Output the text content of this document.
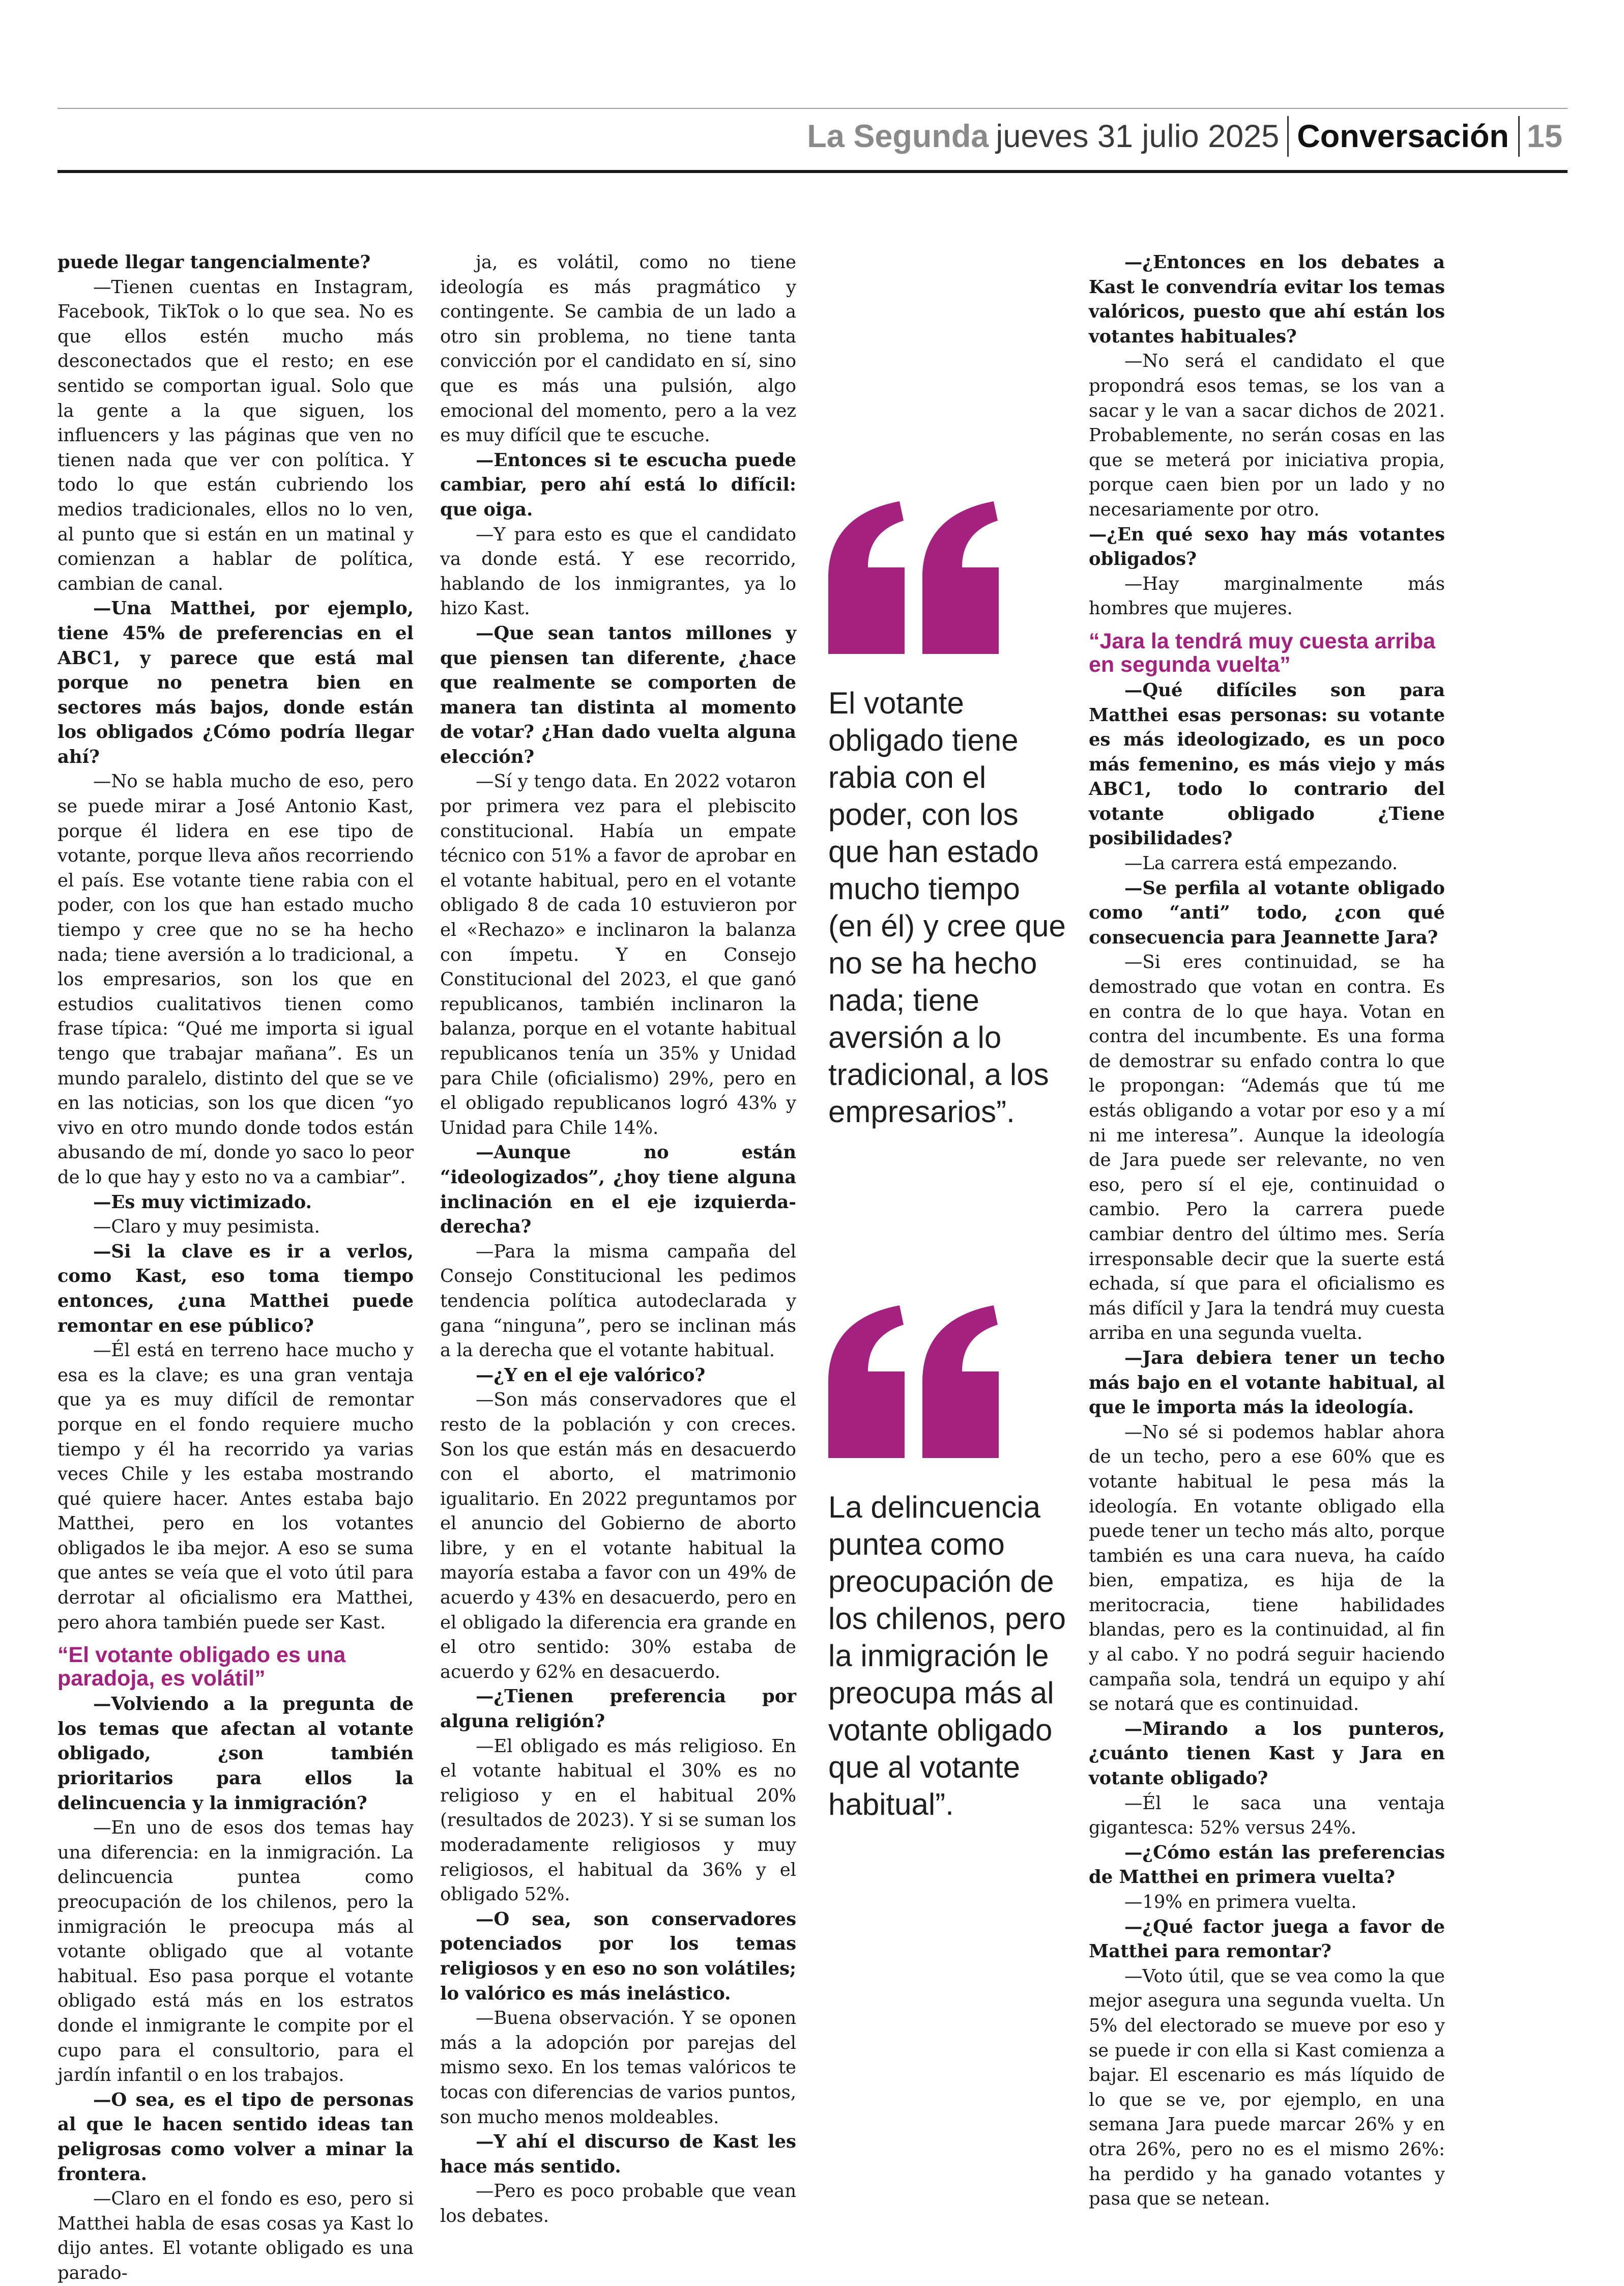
La Segunda jueves 31 julio 2025 Conversación 15

puede llegar tangencialmente?

—Tienen cuentas en Instagram, Facebook, TikTok o lo que sea. No es que ellos estén mucho más desconectados que el resto; en ese sentido se comportan igual. Solo que la gente a la que siguen, los influencers y las páginas que ven no tienen nada que ver con política. Y todo lo que están cubriendo los medios tradicionales, ellos no lo ven, al punto que si están en un matinal y comienzan a hablar de política, cambian de canal.

—Una Matthei, por ejemplo, tiene 45% de preferencias en el ABC1, y parece que está mal porque no penetra bien en sectores más bajos, donde están los obligados ¿Cómo podría llegar ahí?

—No se habla mucho de eso, pero se puede mirar a José Antonio Kast, porque él lidera en ese tipo de votante, porque lleva años recorriendo el país. Ese votante tiene rabia con el poder, con los que han estado mucho tiempo y cree que no se ha hecho nada; tiene aversión a lo tradicional, a los empresarios, son los que en estudios cualitativos tienen como frase típica: “Qué me importa si igual tengo que trabajar mañana”. Es un mundo paralelo, distinto del que se ve en las noticias, son los que dicen “yo vivo en otro mundo donde todos están abusando de mí, donde yo saco lo peor de lo que hay y esto no va a cambiar”.

—Es muy victimizado.

—Claro y muy pesimista.

—Si la clave es ir a verlos, como Kast, eso toma tiempo entonces, ¿una Matthei puede remontar en ese público?

—Él está en terreno hace mucho y esa es la clave; es una gran ventaja que ya es muy difícil de remontar porque en el fondo requiere mucho tiempo y él ha recorrido ya varias veces Chile y les estaba mostrando qué quiere hacer. Antes estaba bajo Matthei, pero en los votantes obligados le iba mejor. A eso se suma que antes se veía que el voto útil para derrotar al oficialismo era Matthei, pero ahora también puede ser Kast.

“El votante obligado es una paradoja, es volátil”

—Volviendo a la pregunta de los temas que afectan al votante obligado, ¿son también prioritarios para ellos la delincuencia y la inmigración?

—En uno de esos dos temas hay una diferencia: en la inmigración. La delincuencia puntea como preocupación de los chilenos, pero la inmigración le preocupa más al votante obligado que al votante habitual. Eso pasa porque el votante obligado está más en los estratos donde el inmigrante le compite por el cupo para el consultorio, para el jardín infantil o en los trabajos.

—O sea, es el tipo de personas al que le hacen sentido ideas tan peligrosas como volver a minar la frontera.

—Claro en el fondo es eso, pero si Matthei habla de esas cosas ya Kast lo dijo antes. El votante obligado es una parado-

ja, es volátil, como no tiene ideología es más pragmático y contingente. Se cambia de un lado a otro sin problema, no tiene tanta convicción por el candidato en sí, sino que es más una pulsión, algo emocional del momento, pero a la vez es muy difícil que te escuche.

—Entonces si te escucha puede cambiar, pero ahí está lo difícil: que oiga.

—Y para esto es que el candidato va donde está. Y ese recorrido, hablando de los inmigrantes, ya lo hizo Kast.

—Que sean tantos millones y que piensen tan diferente, ¿hace que realmente se comporten de manera tan distinta al momento de votar? ¿Han dado vuelta alguna elección?

—Sí y tengo data. En 2022 votaron por primera vez para el plebiscito constitucional. Había un empate técnico con 51% a favor de aprobar en el votante habitual, pero en el votante obligado 8 de cada 10 estuvieron por el «Rechazo» e inclinaron la balanza con ímpetu. Y en Consejo Constitucional del 2023, el que ganó republicanos, también inclinaron la balanza, porque en el votante habitual republicanos tenía un 35% y Unidad para Chile (oficialismo) 29%, pero en el obligado republicanos logró 43% y Unidad para Chile 14%.

—Aunque no están “ideologizados”, ¿hoy tiene alguna inclinación en el eje izquierda-derecha?

—Para la misma campaña del Consejo Constitucional les pedimos tendencia política autodeclarada y gana “ninguna”, pero se inclinan más a la derecha que el votante habitual.

—¿Y en el eje valórico?

—Son más conservadores que el resto de la población y con creces. Son los que están más en desacuerdo con el aborto, el matrimonio igualitario. En 2022 preguntamos por el anuncio del Gobierno de aborto libre, y en el votante habitual la mayoría estaba a favor con un 49% de acuerdo y 43% en desacuerdo, pero en el obligado la diferencia era grande en el otro sentido: 30% estaba de acuerdo y 62% en desacuerdo.

—¿Tienen preferencia por alguna religión?

—El obligado es más religioso. En el votante habitual el 30% es no religioso y en el habitual 20% (resultados de 2023). Y si se suman los moderadamente religiosos y muy religiosos, el habitual da 36% y el obligado 52%.

—O sea, son conservadores potenciados por los temas religiosos y en eso no son volátiles; lo valórico es más inelástico.

—Buena observación. Y se oponen más a la adopción por parejas del mismo sexo. En los temas valóricos te tocas con diferencias de varios puntos, son mucho menos moldeables.

—Y ahí el discurso de Kast les hace más sentido.

—Pero es poco probable que vean los debates.

—¿Entonces en los debates a Kast le convendría evitar los temas valóricos, puesto que ahí están los votantes habituales?

—No será el candidato el que propondrá esos temas, se los van a sacar y le van a sacar dichos de 2021. Probablemente, no serán cosas en las que se meterá por iniciativa propia, porque caen bien por un lado y no necesariamente por otro.

—¿En qué sexo hay más votantes obligados?

—Hay marginalmente más hombres que mujeres.

“Jara la tendrá muy cuesta arriba en segunda vuelta”

—Qué difíciles son para Matthei esas personas: su votante es más ideologizado, es un poco más femenino, es más viejo y más ABC1, todo lo contrario del votante obligado ¿Tiene posibilidades?

—La carrera está empezando.

—Se perfila al votante obligado como “anti” todo, ¿con qué consecuencia para Jeannette Jara?

—Si eres continuidad, se ha demostrado que votan en contra. Es en contra de lo que haya. Votan en contra del incumbente. Es una forma de demostrar su enfado contra lo que le propongan: “Además que tú me estás obligando a votar por eso y a mí ni me interesa”. Aunque la ideología de Jara puede ser relevante, no ven eso, pero sí el eje, continuidad o cambio. Pero la carrera puede cambiar dentro del último mes. Sería irresponsable decir que la suerte está echada, sí que para el oficialismo es más difícil y Jara la tendrá muy cuesta arriba en una segunda vuelta.

—Jara debiera tener un techo más bajo en el votante habitual, al que le importa más la ideología.

—No sé si podemos hablar ahora de un techo, pero a ese 60% que es votante habitual le pesa más la ideología. En votante obligado ella puede tener un techo más alto, porque también es una cara nueva, ha caído bien, empatiza, es hija de la meritocracia, tiene habilidades blandas, pero es la continuidad, al fin y al cabo. Y no podrá seguir haciendo campaña sola, tendrá un equipo y ahí se notará que es continuidad.

—Mirando a los punteros, ¿cuánto tienen Kast y Jara en votante obligado?

—Él le saca una ventaja gigantesca: 52% versus 24%.

—¿Cómo están las preferencias de Matthei en primera vuelta?

—19% en primera vuelta.

—¿Qué factor juega a favor de Matthei para remontar?

—Voto útil, que se vea como la que mejor asegura una segunda vuelta. Un 5% del electorado se mueve por eso y se puede ir con ella si Kast comienza a bajar. El escenario es más líquido de lo que se ve, por ejemplo, en una semana Jara puede marcar 26% y en otra 26%, pero no es el mismo 26%: ha perdido y ha ganado votantes y pasa que se netean.

El votante obligado tiene rabia con el poder, con los que han estado mucho tiempo (en él) y cree que no se ha hecho nada; tiene aversión a lo tradicional, a los empresarios”.
La delincuencia puntea como preocupación de los chilenos, pero la inmigración le preocupa más al votante obligado que al votante habitual”.
